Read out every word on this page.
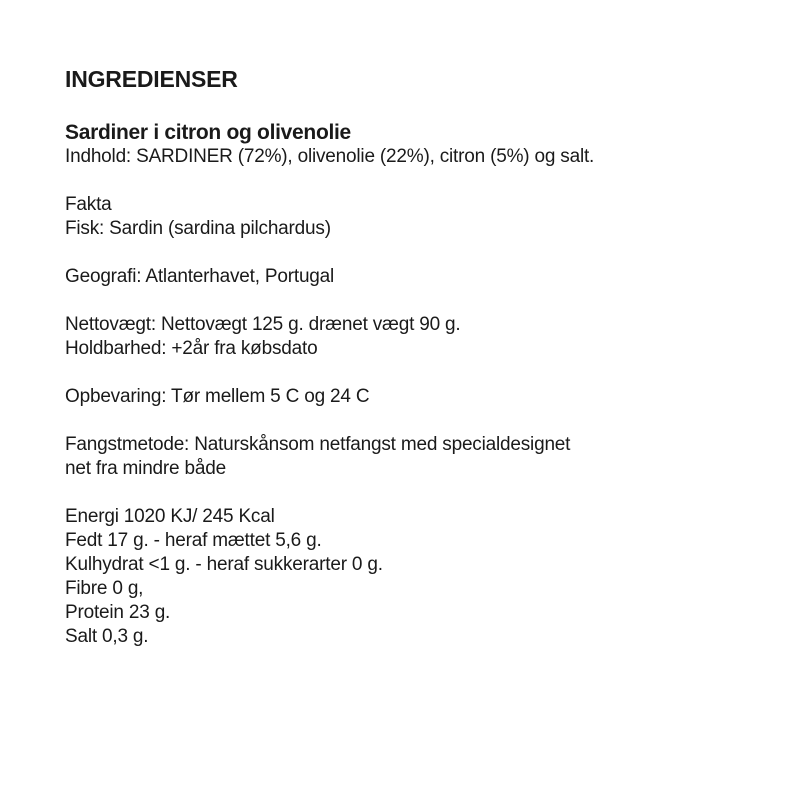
INGREDIENSER
Sardiner i citron og olivenolie
Indhold: SARDINER (72%), olivenolie (22%), citron (5%) og salt.
Fakta
Fisk: Sardin (sardina pilchardus)
Geografi: Atlanterhavet, Portugal
Nettovægt: Nettovægt 125 g. drænet vægt 90 g.
Holdbarhed: +2år fra købsdato
Opbevaring: Tør mellem 5 C og 24 C
Fangstmetode: Naturskånsom netfangst med specialdesignet
net fra mindre både
Energi 1020 KJ/ 245 Kcal
Fedt 17 g. - heraf mættet 5,6 g.
Kulhydrat <1 g. - heraf sukkerarter 0 g.
Fibre 0 g,
Protein 23 g.
Salt 0,3 g.
